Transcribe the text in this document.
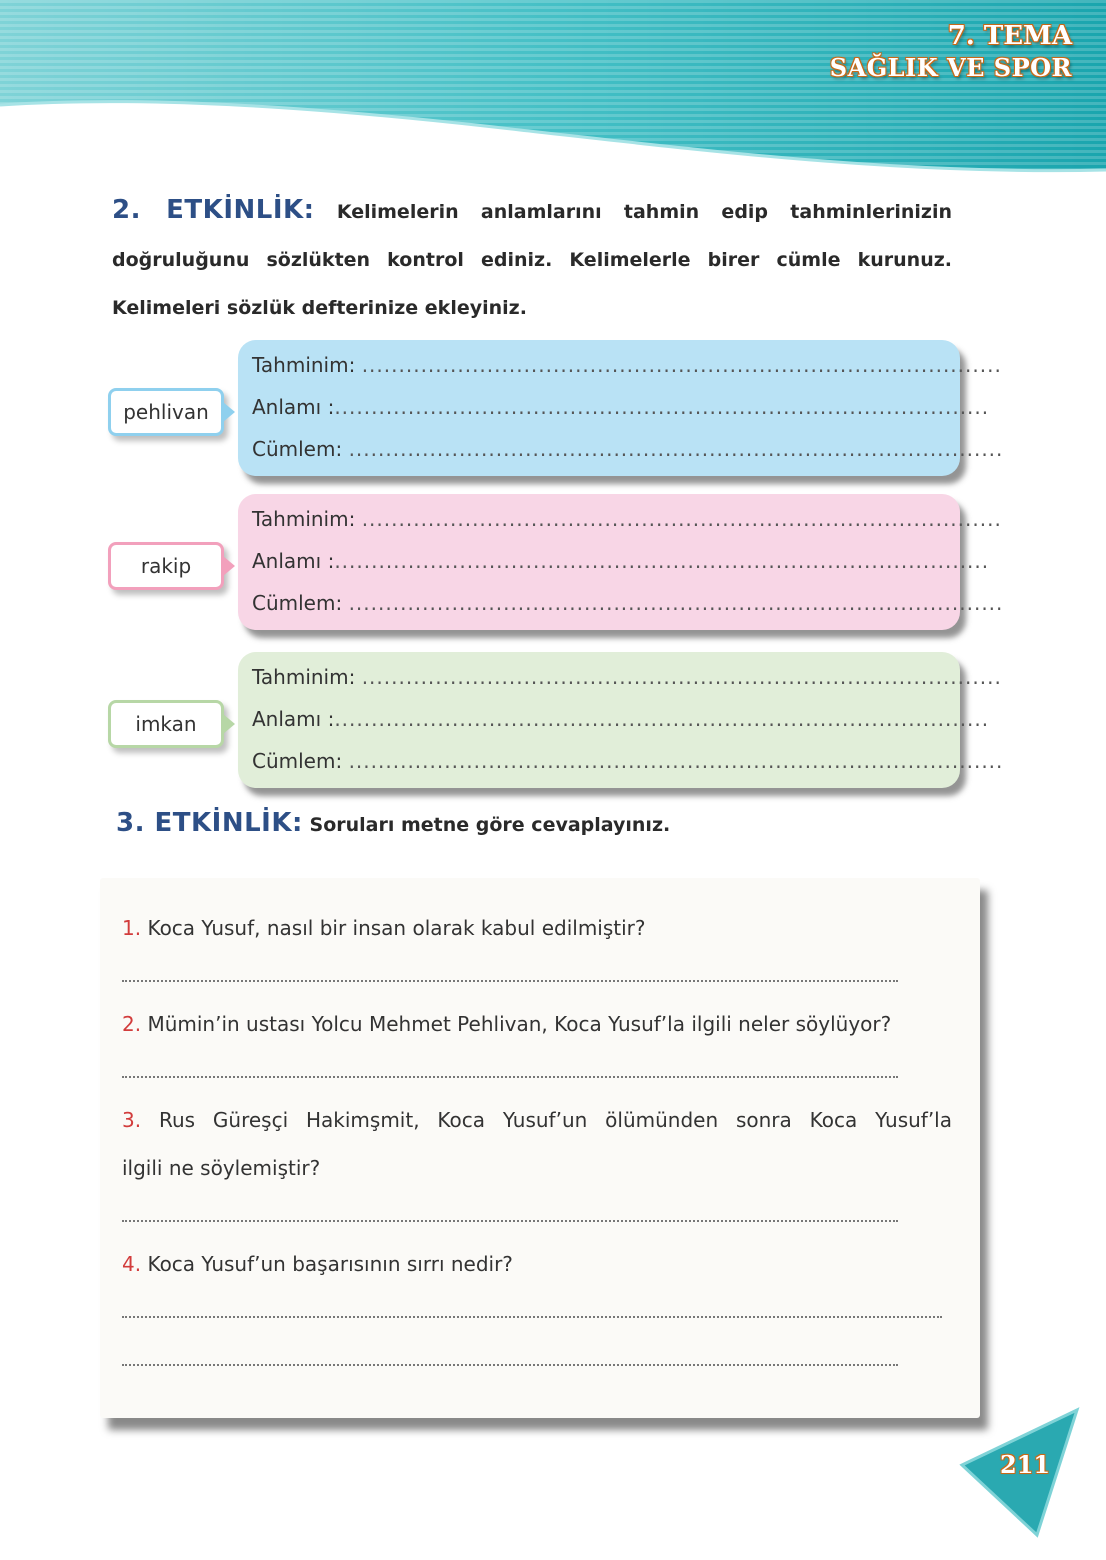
7. TEMA
SAĞLIK VE SPOR
2. ETKİNLİK: Kelimelerin anlamlarını tahmin edip tahminlerinizin doğruluğunu sözlükten kontrol ediniz. Kelimelerle birer cümle kurunuz. Kelimeleri sözlük defterinize ekleyiniz.
pehlivan
Tahminim: .......................................................................................
Anlamı :.........................................................................................
Cümlem: .........................................................................................
rakip
Tahminim: .......................................................................................
Anlamı :.........................................................................................
Cümlem: .........................................................................................
imkan
Tahminim: .......................................................................................
Anlamı :.........................................................................................
Cümlem: .........................................................................................
3. ETKİNLİK: Soruları metne göre cevaplayınız.
1. Koca Yusuf, nasıl bir insan olarak kabul edilmiştir?
2. Mümin’in ustası Yolcu Mehmet Pehlivan, Koca Yusuf’la ilgili neler söylüyor?
3. Rus Güreşçi Hakimşmit, Koca Yusuf’un ölümünden sonra Koca Yusuf’la
ilgili ne söylemiştir?
4. Koca Yusuf’un başarısının sırrı nedir?
211
